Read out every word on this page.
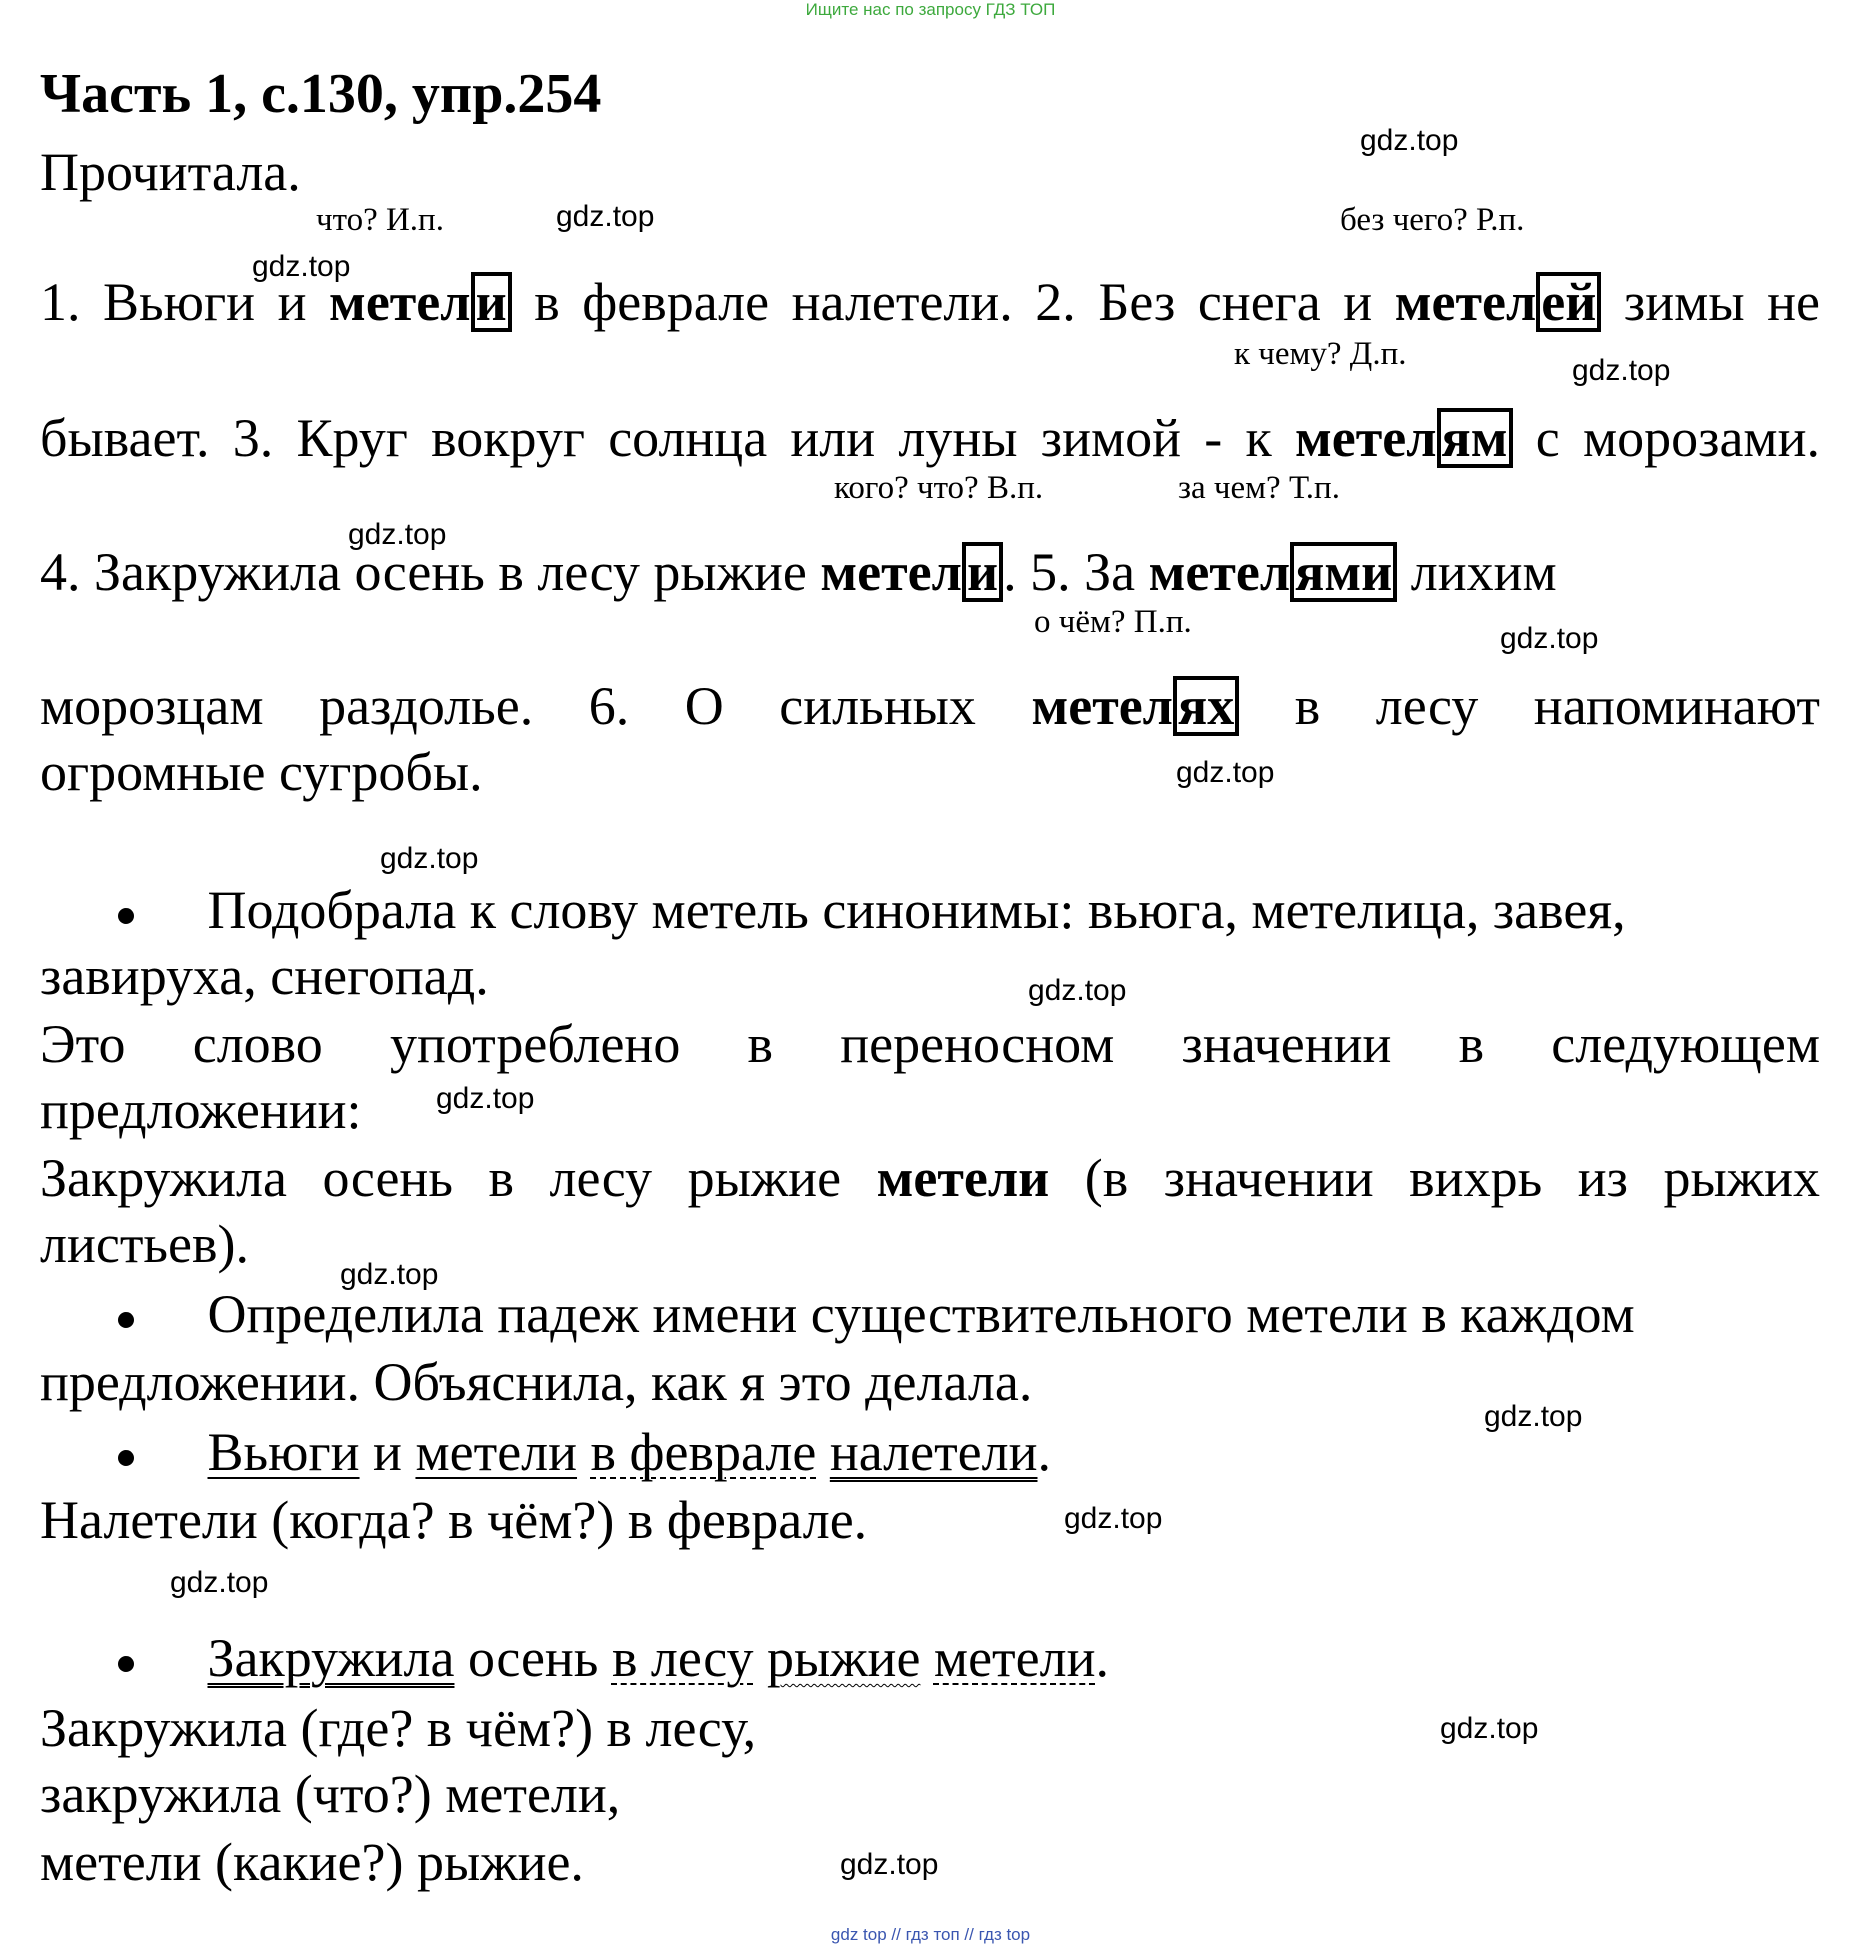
Ищите нас по запросу ГДЗ ТОП
Часть 1, с.130, упр.254
Прочитала.
что? И.п.	без чего? Р.п.
к чему? Д.п.
кого? что? В.п.	за чем? Т.п.
о чём? П.п.
1. Вьюги и метели в феврале налетели. 2. Без снега и метелей зимы не
бывает. 3. Круг вокруг солнца или луны зимой - к метелям с морозами.
4. Закружила осень в лесу рыжие метели. 5. За метелями лихим
морозцам раздолье. 6. О сильных метелях в лесу напоминают
огромные сугробы.
Подобрала к слову метель синонимы: вьюга, метелица, завея,
завируха, снегопад.
Это слово употреблено в переносном значении в следующем
предложении:
Закружила осень в лесу рыжие метели (в значении вихрь из рыжих
листьев).
Определила падеж имени существительного метели в каждом
предложении. Объяснила, как я это делала.
Вьюги и метели в феврале налетели.
Налетели (когда? в чём?) в феврале.
Закружила осень в лесу рыжие метели.
Закружила (где? в чём?) в лесу,
закружила (что?) метели,
метели (какие?) рыжие.
gdz.top
gdz.top
gdz.top
gdz.top
gdz.top
gdz.top
gdz.top
gdz.top
gdz.top
gdz.top
gdz.top
gdz.top
gdz.top
gdz.top
gdz.top
gdz.top
gdz top // гдз топ // гдз top
